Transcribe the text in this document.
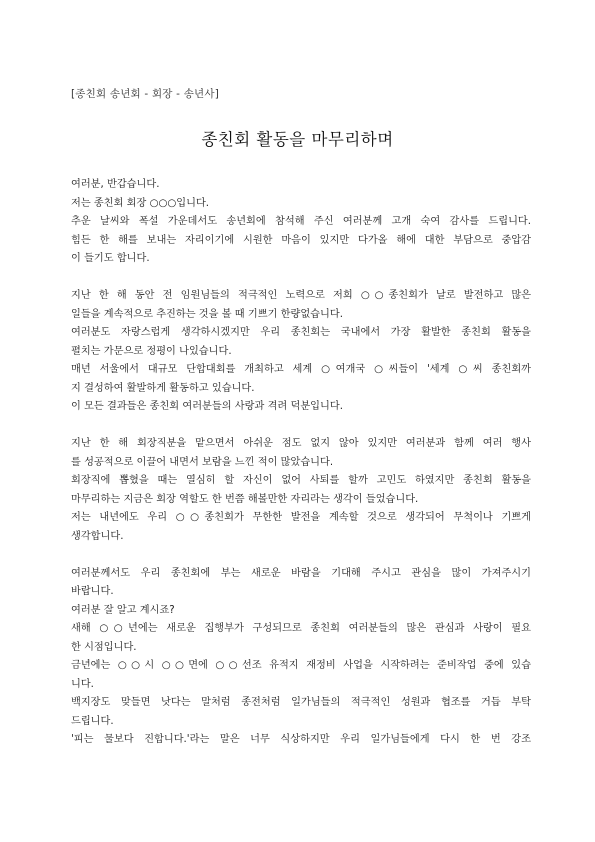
[종친회 송년회 - 회장 - 송년사]
종친회 활동을 마무리하며
여러분, 반갑습니다.
저는 종친회 회장 ○○○입니다.
추운 날씨와 폭설 가운데서도 송년회에 참석해 주신 여러분께 고개 숙여 감사를 드립니다.
힘든 한 해를 보내는 자리이기에 시원한 마음이 있지만 다가올 해에 대한 부담으로 중압감
이 들기도 합니다.
지난 한 해 동안 전 임원님들의 적극적인 노력으로 저희 ○○종친회가 날로 발전하고 많은
일들을 계속적으로 추진하는 것을 볼 때 기쁘기 한량없습니다.
여러분도 자랑스럽게 생각하시겠지만 우리 종친회는 국내에서 가장 활발한 종친회 활동을
펼치는 가문으로 정평이 나있습니다.
매년 서울에서 대규모 단합대회를 개최하고 세계 ○여개국 ○씨들이 '세계 ○씨 종친회까
지 결성하여 활발하게 활동하고 있습니다.
이 모든 결과들은 종친회 여러분들의 사랑과 격려 덕분입니다.
지난 한 해 회장직분을 맡으면서 아쉬운 점도 없지 않아 있지만 여러분과 함께 여러 행사
를 성공적으로 이끌어 내면서 보람을 느낀 적이 많았습니다.
회장직에 뽑혔을 때는 열심히 할 자신이 없어 사퇴를 할까 고민도 하였지만 종친회 활동을
마무리하는 지금은 회장 역할도 한 번쯤 해볼만한 자리라는 생각이 들었습니다.
저는 내년에도 우리 ○○종친회가 무한한 발전을 계속할 것으로 생각되어 무척이나 기쁘게
생각합니다.
여러분께서도 우리 종친회에 부는 새로운 바람을 기대해 주시고 관심을 많이 가져주시기
바랍니다.
여러분 잘 알고 계시죠?
새해 ○○년에는 새로운 집행부가 구성되므로 종친회 여러분들의 많은 관심과 사랑이 필요
한 시점입니다.
금년에는 ○○시 ○○면에 ○○선조 유적지 재정비 사업을 시작하려는 준비작업 중에 있습
니다.
백지장도 맞들면 낫다는 말처럼 종전처럼 일가님들의 적극적인 성원과 협조를 거듭 부탁
드립니다.
'피는 물보다 진합니다.'라는 말은 너무 식상하지만 우리 일가님들에게 다시 한 번 강조
